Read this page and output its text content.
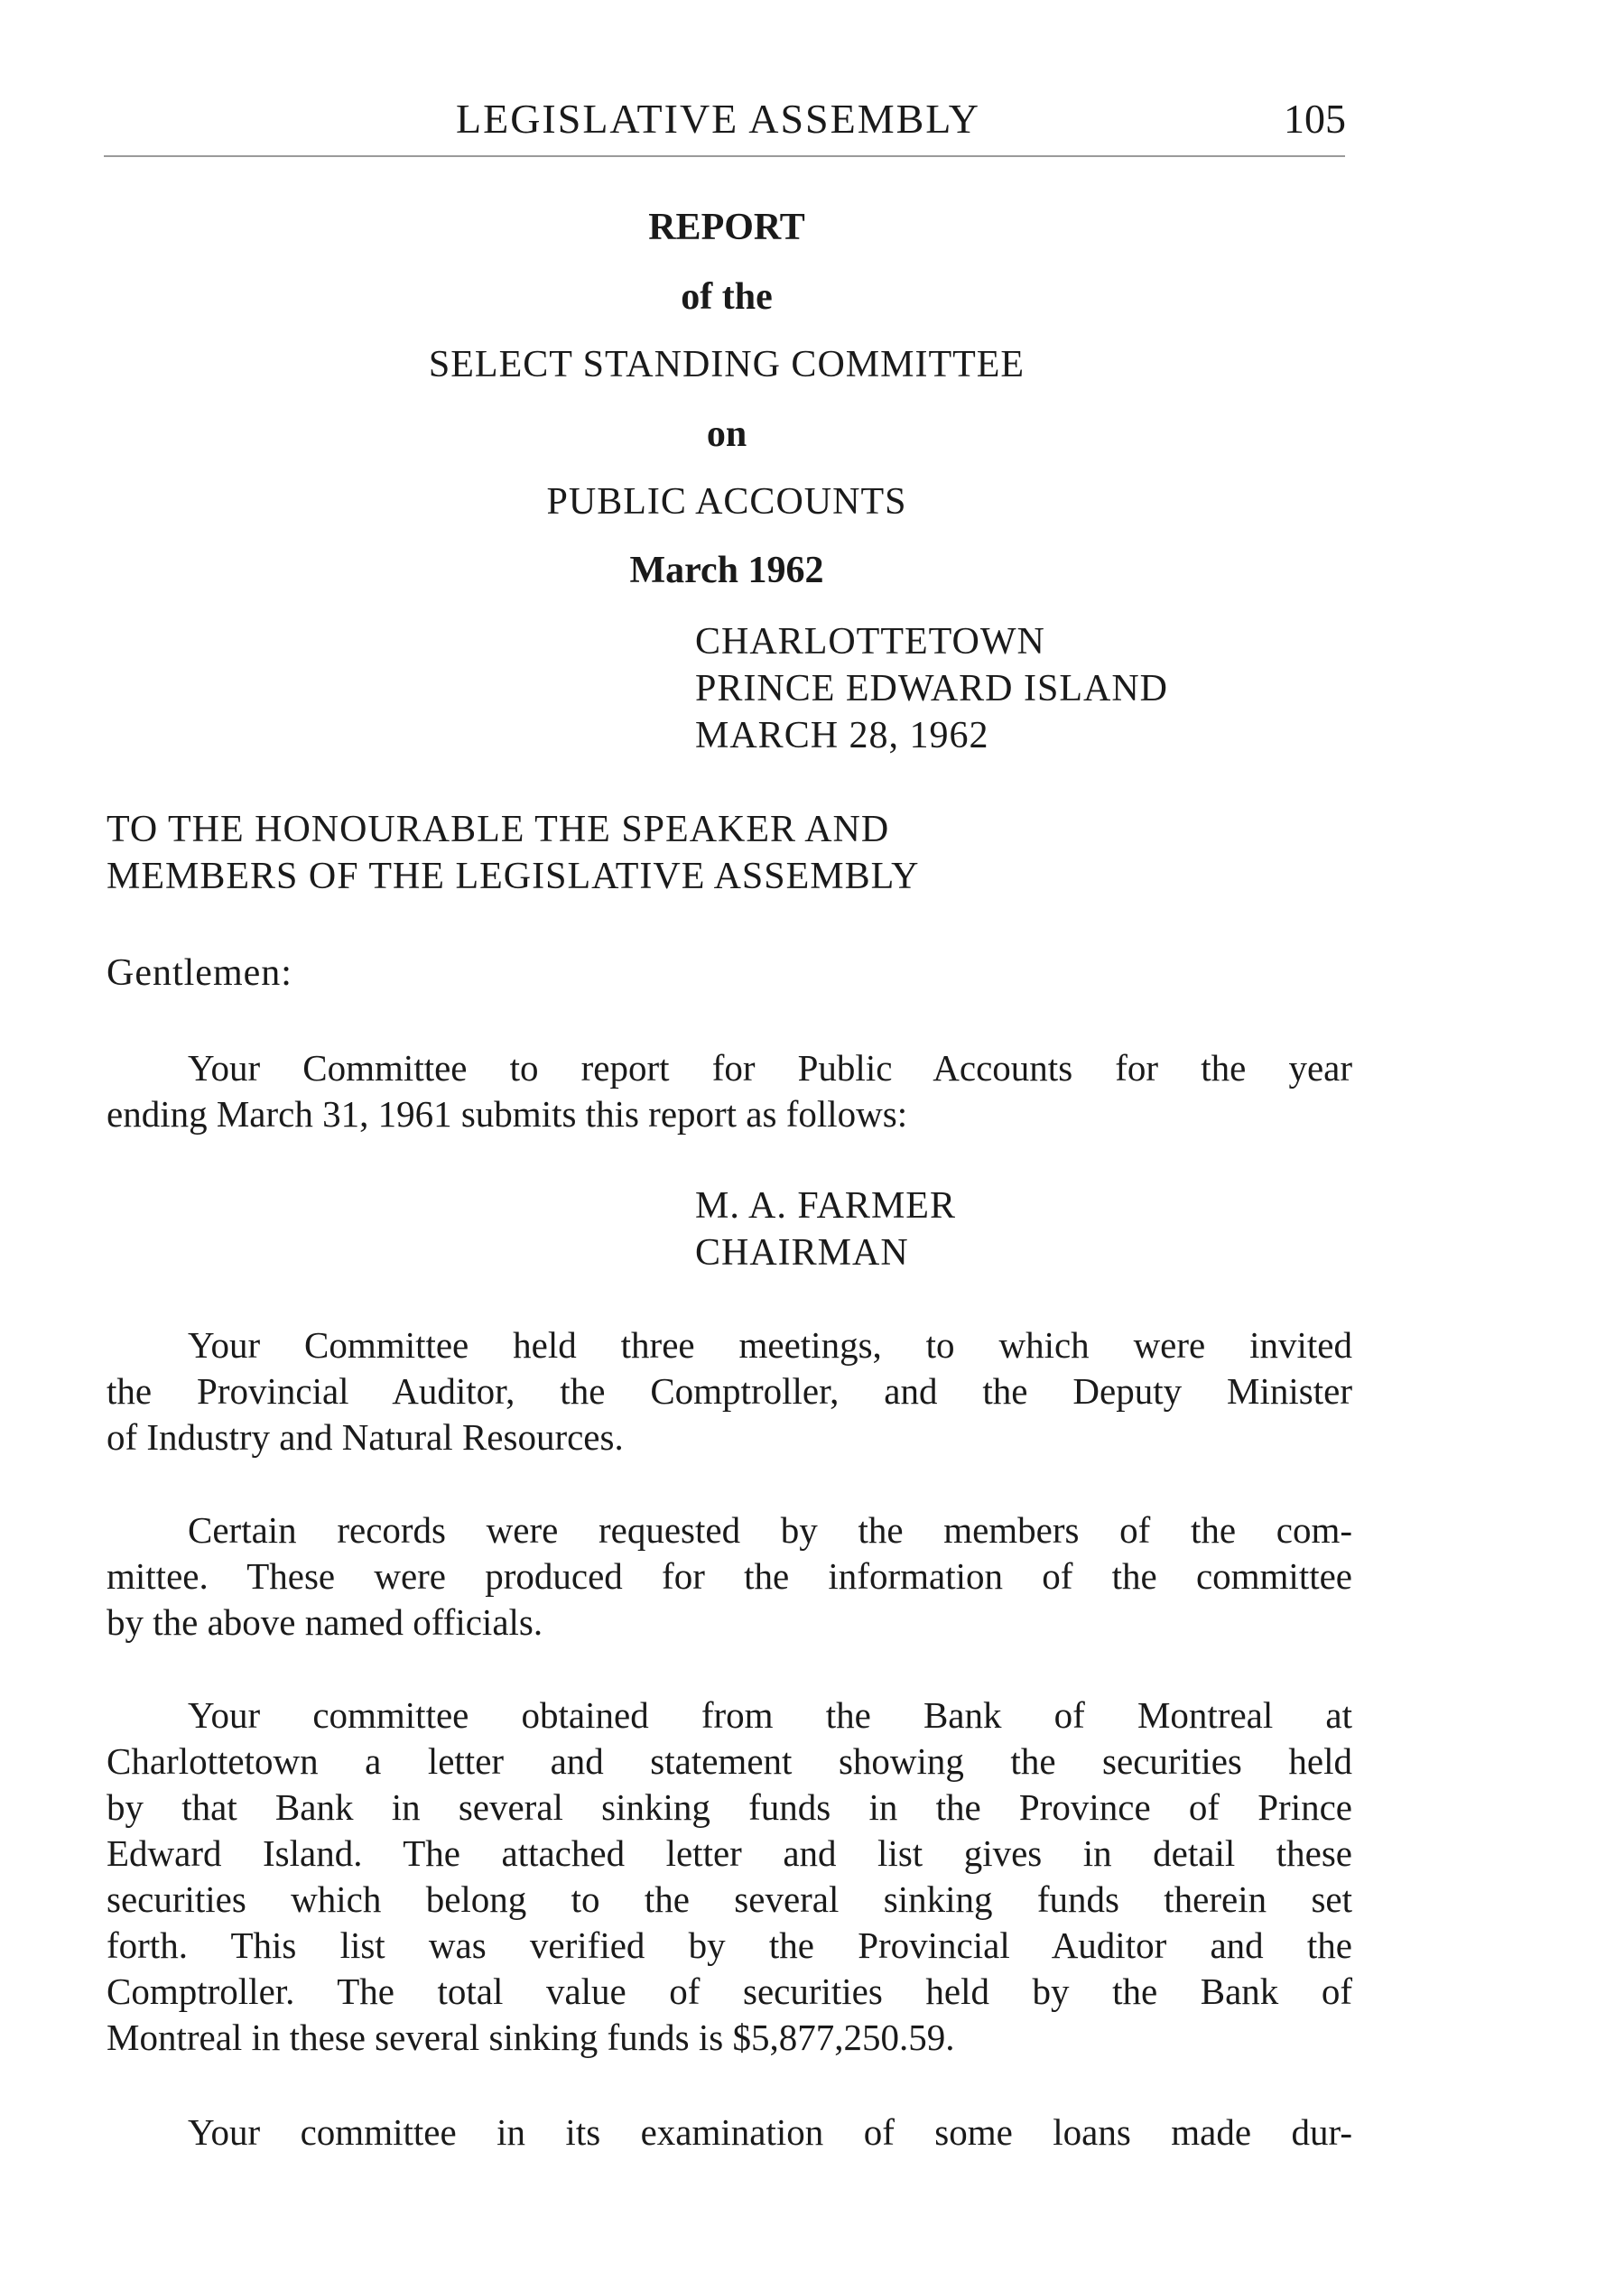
LEGISLATIVE ASSEMBLY	105
REPORT
of the
SELECT STANDING COMMITTEE
on
PUBLIC ACCOUNTS
March 1962
CHARLOTTETOWN
PRINCE EDWARD ISLAND
MARCH 28, 1962
TO THE HONOURABLE THE SPEAKER AND
MEMBERS OF THE LEGISLATIVE ASSEMBLY
Gentlemen:
Your Committee to report for Public Accounts for the year
ending March 31, 1961 submits this report as follows:
M. A. FARMER
CHAIRMAN
Your Committee held three meetings, to which were invited
the Provincial Auditor, the Comptroller, and the Deputy Minister
of Industry and Natural Resources.
Certain records were requested by the members of the com-
mittee. These were produced for the information of the committee
by the above named officials.
Your committee obtained from the Bank of Montreal at
Charlottetown a letter and statement showing the securities held
by that Bank in several sinking funds in the Province of Prince
Edward Island. The attached letter and list gives in detail these
securities which belong to the several sinking funds therein set
forth. This list was verified by the Provincial Auditor and the
Comptroller. The total value of securities held by the Bank of
Montreal in these several sinking funds is $5,877,250.59.
Your committee in its examination of some loans made dur-
